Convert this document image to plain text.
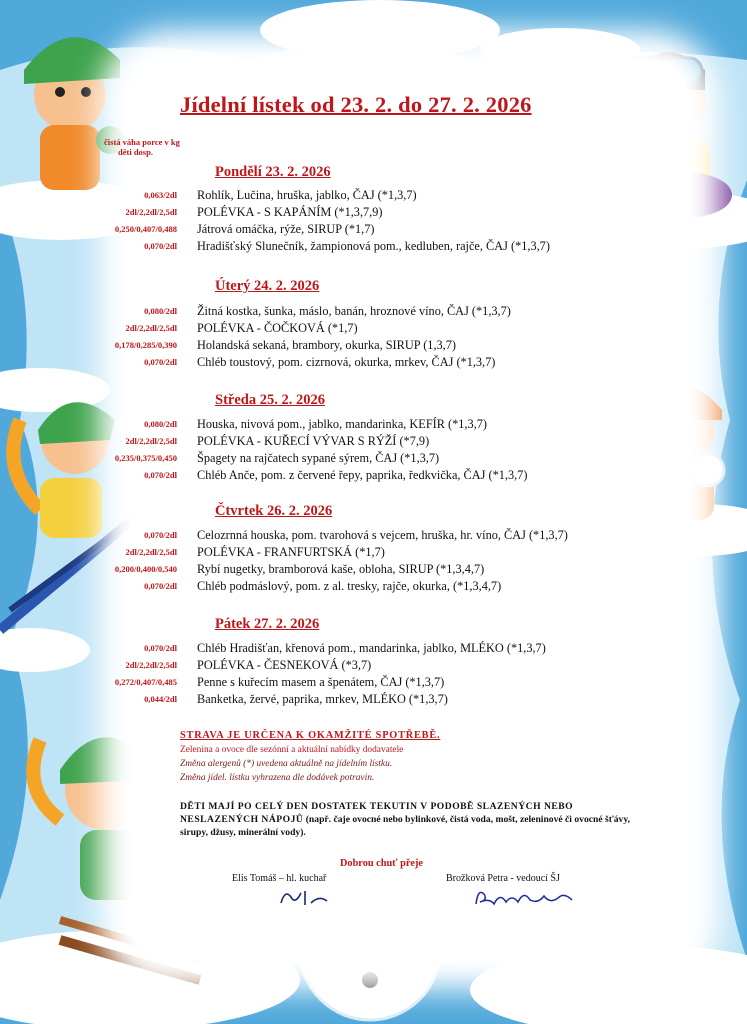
Jídelní lístek od 23. 2. do 27. 2. 2026
čistá váha porce v kg
děti dosp.
Pondělí 23. 2. 2026
0,063/2dl Rohlík, Lučina, hruška, jablko, ČAJ (*1,3,7)
2dl/2,2dl/2,5dl POLÉVKA - S KAPÁNÍM (*1,3,7,9)
0,250/0,407/0,488 Játrová omáčka, rýže, SIRUP (*1,7)
0,070/2dl Hradišťský Slunečník, žampionová pom., kedluben, rajče, ČAJ (*1,3,7)
Úterý 24. 2. 2026
0,080/2dl Žitná kostka, šunka, máslo, banán, hroznové víno, ČAJ (*1,3,7)
2dl/2,2dl/2,5dl POLÉVKA - ČOČKOVÁ (*1,7)
0,178/0,285/0,390 Holandská sekaná, brambory, okurka, SIRUP (1,3,7)
0,070/2dl Chléb toustový, pom. cizrnová, okurka, mrkev, ČAJ (*1,3,7)
Středa 25. 2. 2026
0,080/2dl Houska, nivová pom., jablko, mandarinka, KEFÍR (*1,3,7)
2dl/2,2dl/2,5dl POLÉVKA - KUŘECÍ VÝVAR S RÝŽÍ (*7,9)
0,235/0,375/0,450 Špagety na rajčatech sypané sýrem, ČAJ (*1,3,7)
0,070/2dl Chléb Anče, pom. z červené řepy, paprika, ředkvička, ČAJ (*1,3,7)
Čtvrtek 26. 2. 2026
0,070/2dl Celozrnná houska, pom. tvarohová s vejcem, hruška, hr. víno, ČAJ (*1,3,7)
2dl/2,2dl/2,5dl POLÉVKA - FRANFURTSKÁ (*1,7)
0,200/0,400/0,540 Rybí nugetky, bramborová kaše, obloha, SIRUP (*1,3,4,7)
0,070/2dl Chléb podmáslový, pom. z al. tresky, rajče, okurka, (*1,3,4,7)
Pátek 27. 2. 2026
0,070/2dl Chléb Hradišťan, křenová pom., mandarinka, jablko, MLÉKO (*1,3,7)
2dl/2,2dl/2,5dl POLÉVKA - ČESNEKOVÁ (*3,7)
0,272/0,407/0,485 Penne s kuřecím masem a špenátem, ČAJ (*1,3,7)
0,044/2dl Banketka, žervé, paprika, mrkev, MLÉKO (*1,3,7)
STRAVA JE URČENA K OKAMŽITÉ SPOTŘEBĚ.
Zelenina a ovoce dle sezónní a aktuální nabídky dodavatele
Změna alergenů (*) uvedena aktuálně na jídelním lístku.
Změna jídel. lístku vyhrazena dle dodávek potravin.
DĚTI MAJÍ PO CELÝ DEN DOSTATEK TEKUTIN V PODOBĚ SLAZENÝCH NEBO NESLAZENÝCH NÁPOJŮ (např. čaje ovocné nebo bylinkové, čistá voda, mošt, zeleninové či ovocné šťávy, sirupy, džusy, minerální vody).
Dobrou chuť přeje
Elis Tomáš – hl. kuchař	Brožková Petra - vedoucí ŠJ
